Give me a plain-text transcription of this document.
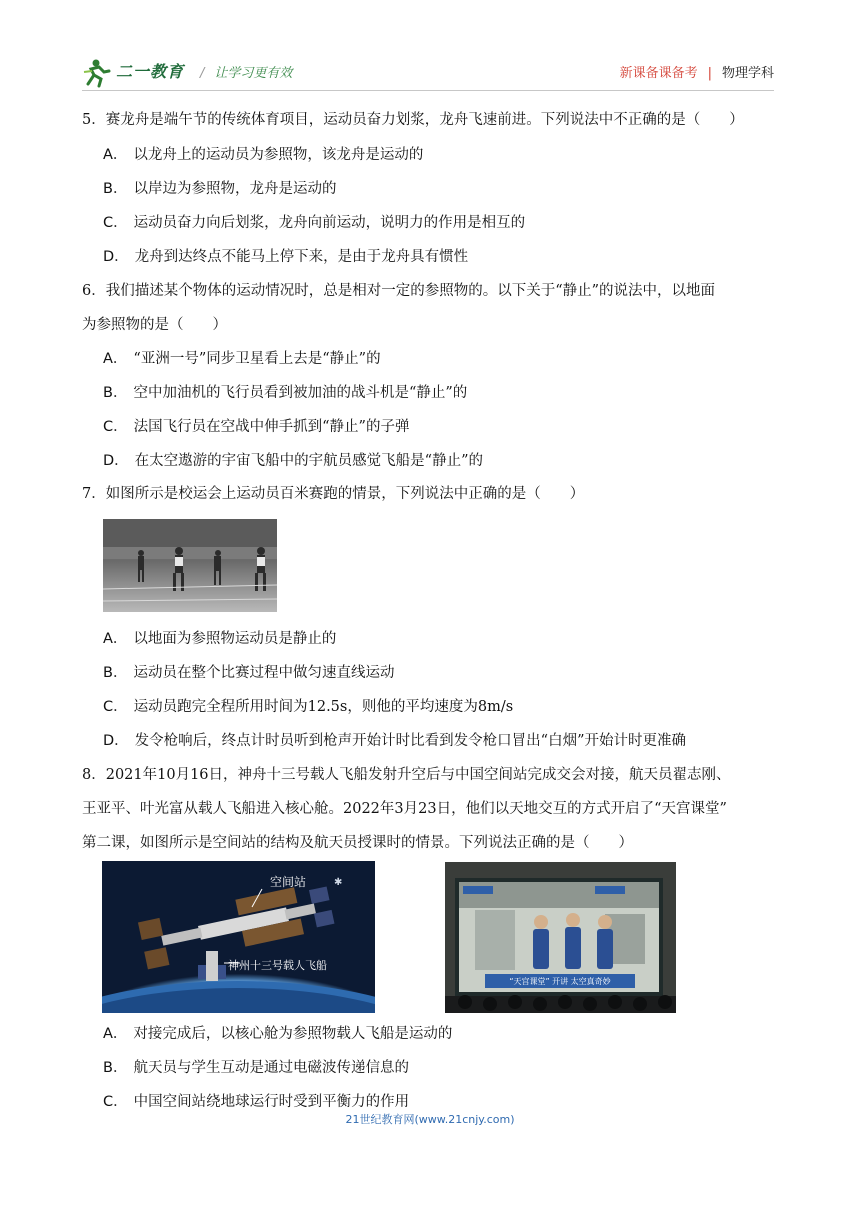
二一教育 / 让学习更有效	新课备课备考 | 物理学科
5．赛龙舟是端午节的传统体育项目，运动员奋力划浆，龙舟飞速前进。下列说法中不正确的是（　　）
A． 以龙舟上的运动员为参照物，该龙舟是运动的
B． 以岸边为参照物，龙舟是运动的
C． 运动员奋力向后划浆，龙舟向前运动，说明力的作用是相互的
D． 龙舟到达终点不能马上停下来，是由于龙舟具有惯性
6．我们描述某个物体的运动情况时，总是相对一定的参照物的。以下关于“静止”的说法中，以地面
为参照物的是（　　）
A． “亚洲一号”同步卫星看上去是“静止”的
B． 空中加油机的飞行员看到被加油的战斗机是“静止”的
C． 法国飞行员在空战中伸手抓到“静止”的子弹
D． 在太空遨游的宇宙飞船中的宇航员感觉飞船是“静止”的
7．如图所示是校运会上运动员百米赛跑的情景，下列说法中正确的是（　　）
A． 以地面为参照物运动员是静止的
B． 运动员在整个比赛过程中做匀速直线运动
C． 运动员跑完全程所用时间为12.5s，则他的平均速度为8m/s
D． 发令枪响后，终点计时员听到枪声开始计时比看到发令枪口冒出“白烟”开始计时更准确
8．2021年10月16日，神舟十三号载人飞船发射升空后与中国空间站完成交会对接，航天员翟志刚、
王亚平、叶光富从载人飞船进入核心舱。2022年3月23日，他们以天地交互的方式开启了“天宫课堂”
第二课，如图所示是空间站的结构及航天员授课时的情景。下列说法正确的是（　　）
空间站
神州十三号载人飞船
✱
“天宫课堂” 开讲 太空真奇妙
A． 对接完成后，以核心舱为参照物载人飞船是运动的
B． 航天员与学生互动是通过电磁波传递信息的
C． 中国空间站绕地球运行时受到平衡力的作用
21世纪教育网(www.21cnjy.com)
